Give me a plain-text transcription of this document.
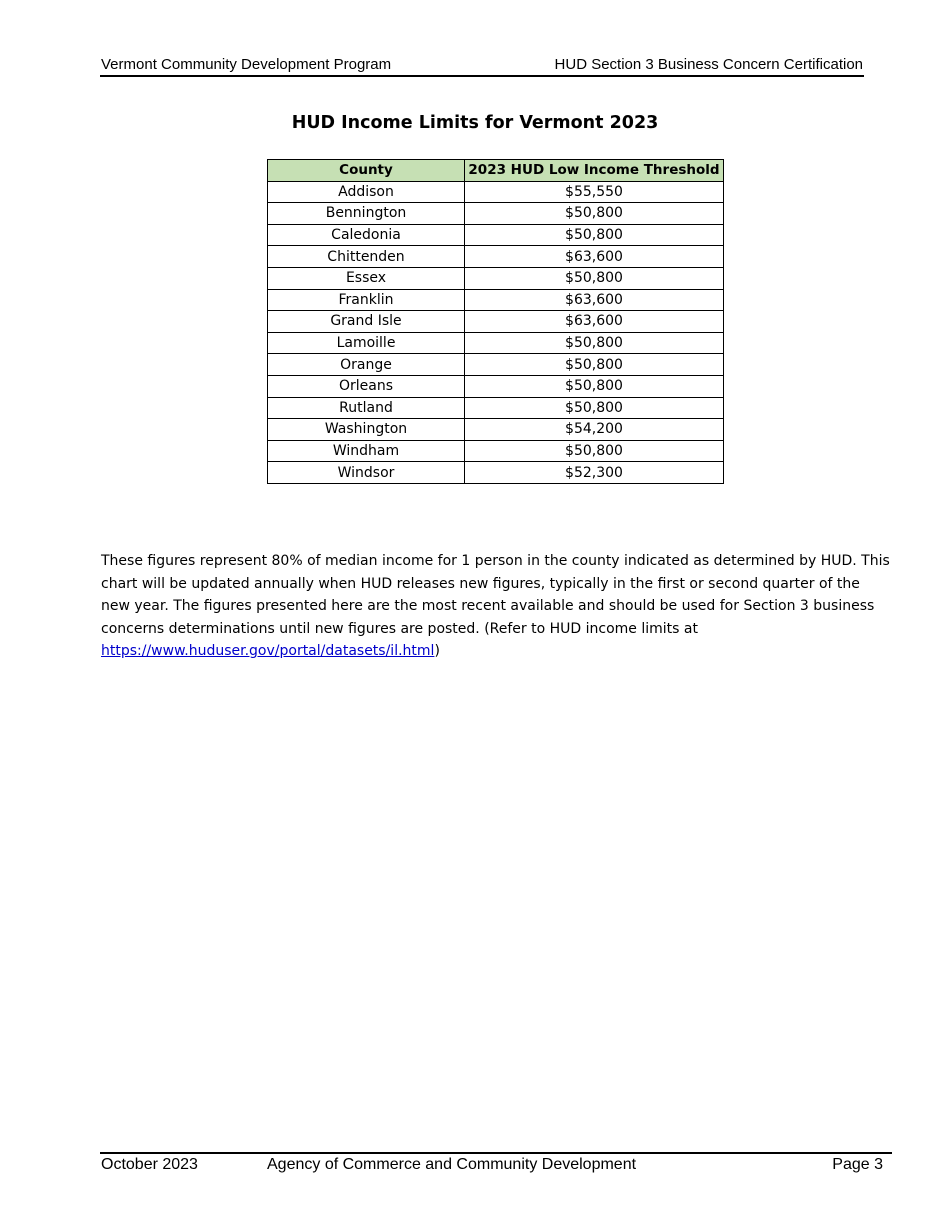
Vermont Community Development Program	HUD Section 3 Business Concern Certification
HUD Income Limits for Vermont 2023
County	2023 HUD Low Income Threshold
Addison	$55,550
Bennington	$50,800
Caledonia	$50,800
Chittenden	$63,600
Essex	$50,800
Franklin	$63,600
Grand Isle	$63,600
Lamoille	$50,800
Orange	$50,800
Orleans	$50,800
Rutland	$50,800
Washington	$54,200
Windham	$50,800
Windsor	$52,300
These figures represent 80% of median income for 1 person in the county indicated as determined by HUD. This chart will be updated annually when HUD releases new figures, typically in the first or second quarter of the new year. The figures presented here are the most recent available and should be used for Section 3 business concerns determinations until new figures are posted. (Refer to HUD income limits at https://www.huduser.gov/portal/datasets/il.html)
October 2023	Agency of Commerce and Community Development	Page 3
